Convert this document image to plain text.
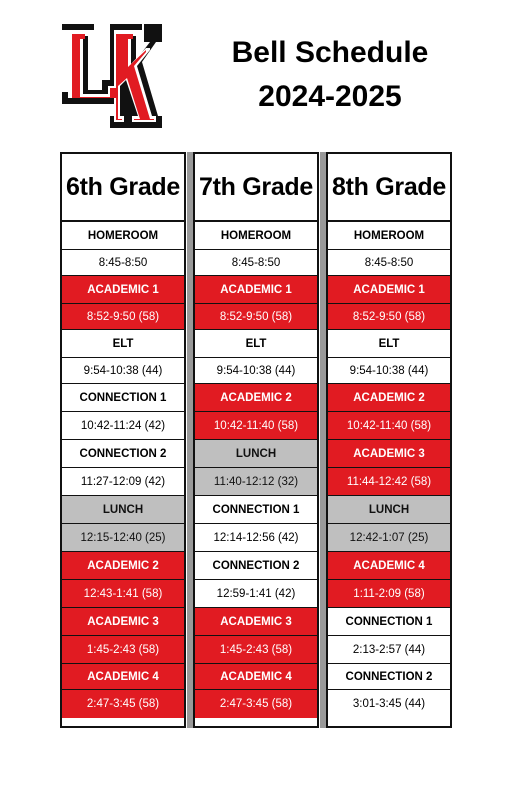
Bell Schedule
2024-2025
6th Grade
HOMEROOM
8:45-8:50
ACADEMIC 1
8:52-9:50 (58)
ELT
9:54-10:38 (44)
CONNECTION 1
10:42-11:24 (42)
CONNECTION 2
11:27-12:09 (42)
LUNCH
12:15-12:40 (25)
ACADEMIC 2
12:43-1:41 (58)
ACADEMIC 3
1:45-2:43 (58)
ACADEMIC 4
2:47-3:45 (58)
7th Grade
HOMEROOM
8:45-8:50
ACADEMIC 1
8:52-9:50 (58)
ELT
9:54-10:38 (44)
ACADEMIC 2
10:42-11:40 (58)
LUNCH
11:40-12:12 (32)
CONNECTION 1
12:14-12:56 (42)
CONNECTION 2
12:59-1:41 (42)
ACADEMIC 3
1:45-2:43 (58)
ACADEMIC 4
2:47-3:45 (58)
8th Grade
HOMEROOM
8:45-8:50
ACADEMIC 1
8:52-9:50 (58)
ELT
9:54-10:38 (44)
ACADEMIC 2
10:42-11:40 (58)
ACADEMIC 3
11:44-12:42 (58)
LUNCH
12:42-1:07 (25)
ACADEMIC 4
1:11-2:09 (58)
CONNECTION 1
2:13-2:57 (44)
CONNECTION 2
3:01-3:45 (44)
